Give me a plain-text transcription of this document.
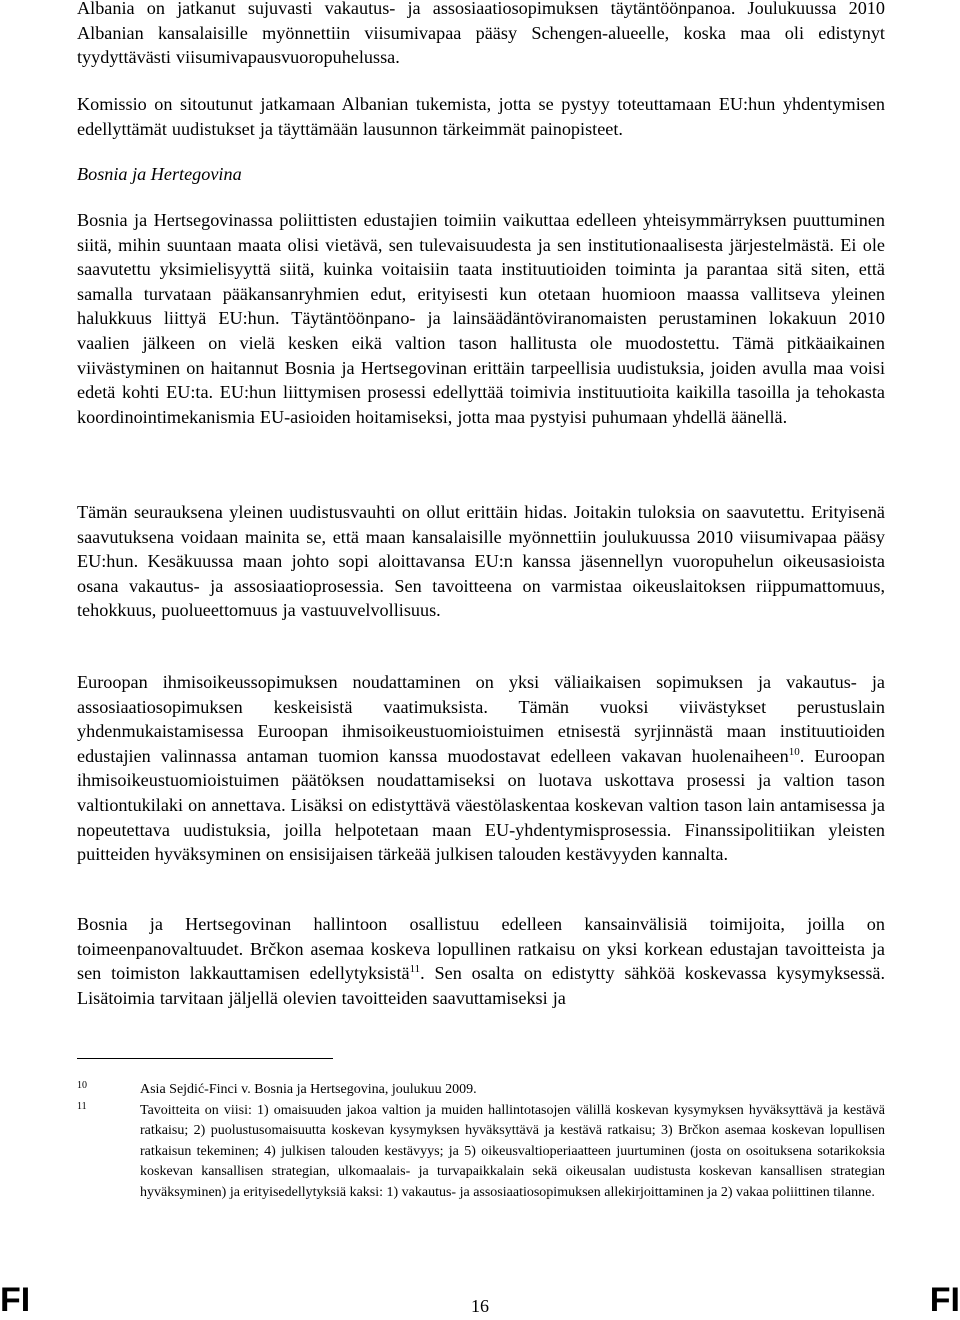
Albania on jatkanut sujuvasti vakautus- ja assosiaatiosopimuksen täytäntöönpanoa. Joulukuussa 2010 Albanian kansalaisille myönnettiin viisumivapaa pääsy Schengen-alueelle, koska maa oli edistynyt tyydyttävästi viisumivapausvuoropuhelussa.

Komissio on sitoutunut jatkamaan Albanian tukemista, jotta se pystyy toteuttamaan EU:hun yhdentymisen edellyttämät uudistukset ja täyttämään lausunnon tärkeimmät painopisteet.

Bosnia ja Hertegovina

Bosnia ja Hertsegovinassa poliittisten edustajien toimiin vaikuttaa edelleen yhteisymmärryksen puuttuminen siitä, mihin suuntaan maata olisi vietävä, sen tulevaisuudesta ja sen institutionaalisesta järjestelmästä. Ei ole saavutettu yksimielisyyttä siitä, kuinka voitaisiin taata instituutioiden toiminta ja parantaa sitä siten, että samalla turvataan pääkansanryhmien edut, erityisesti kun otetaan huomioon maassa vallitseva yleinen halukkuus liittyä EU:hun. Täytäntöönpano- ja lainsäädäntöviranomaisten perustaminen lokakuun 2010 vaalien jälkeen on vielä kesken eikä valtion tason hallitusta ole muodostettu. Tämä pitkäaikainen viivästyminen on haitannut Bosnia ja Hertsegovinan erittäin tarpeellisia uudistuksia, joiden avulla maa voisi edetä kohti EU:ta. EU:hun liittymisen prosessi edellyttää toimivia instituutioita kaikilla tasoilla ja tehokasta koordinointimekanismia EU-asioiden hoitamiseksi, jotta maa pystyisi puhumaan yhdellä äänellä.

Tämän seurauksena yleinen uudistusvauhti on ollut erittäin hidas. Joitakin tuloksia on saavutettu. Erityisenä saavutuksena voidaan mainita se, että maan kansalaisille myönnettiin joulukuussa 2010 viisumivapaa pääsy EU:hun. Kesäkuussa maan johto sopi aloittavansa EU:n kanssa jäsennellyn vuoropuhelun oikeusasioista osana vakautus- ja assosiaatioprosessia. Sen tavoitteena on varmistaa oikeuslaitoksen riippumattomuus, tehokkuus, puolueettomuus ja vastuuvelvollisuus.

Euroopan ihmisoikeussopimuksen noudattaminen on yksi väliaikaisen sopimuksen ja vakautus- ja assosiaatiosopimuksen keskeisistä vaatimuksista. Tämän vuoksi viivästykset perustuslain yhdenmukaistamisessa Euroopan ihmisoikeustuomioistuimen etnisestä syrjinnästä maan instituutioiden edustajien valinnassa antaman tuomion kanssa muodostavat edelleen vakavan huolenaiheen$^{10}$. Euroopan ihmisoikeustuomioistuimen päätöksen noudattamiseksi on luotava uskottava prosessi ja valtion tason valtiontukilaki on annettava. Lisäksi on edistyttävä väestölaskentaa koskevan valtion tason lain antamisessa ja nopeutettava uudistuksia, joilla helpotetaan maan EU-yhdentymisprosessia. Finanssipolitiikan yleisten puitteiden hyväksyminen on ensisijaisen tärkeää julkisen talouden kestävyyden kannalta.

Bosnia ja Hertsegovinan hallintoon osallistuu edelleen kansainvälisiä toimijoita, joilla on toimeenpanovaltuudet. Brčkon asemaa koskeva lopullinen ratkaisu on yksi korkean edustajan tavoitteista ja sen toimiston lakkauttamisen edellytyksistä$^{11}$. Sen osalta on edistytty sähköä koskevassa kysymyksessä. Lisätoimia tarvitaan jäljellä olevien tavoitteiden saavuttamiseksi ja

10	Asia Sejdić-Finci v. Bosnia ja Hertsegovina, joulukuu 2009.
11	Tavoitteita on viisi: 1) omaisuuden jakoa valtion ja muiden hallintotasojen välillä koskevan kysymyksen hyväksyttävä ja kestävä ratkaisu; 2) puolustusomaisuutta koskevan kysymyksen hyväksyttävä ja kestävä ratkaisu; 3) Brčkon asemaa koskevan lopullisen ratkaisun tekeminen; 4) julkisen talouden kestävyys; ja 5) oikeusvaltioperiaatteen juurtuminen (josta on osoituksena sotarikoksia koskevan kansallisen strategian, ulkomaalais- ja turvapaikkalain sekä oikeusalan uudistusta koskevan kansallisen strategian hyväksyminen) ja erityisedellytyksiä kaksi: 1) vakautus- ja assosiaatiosopimuksen allekirjoittaminen ja 2) vakaa poliittinen tilanne.
FI	16	FI
